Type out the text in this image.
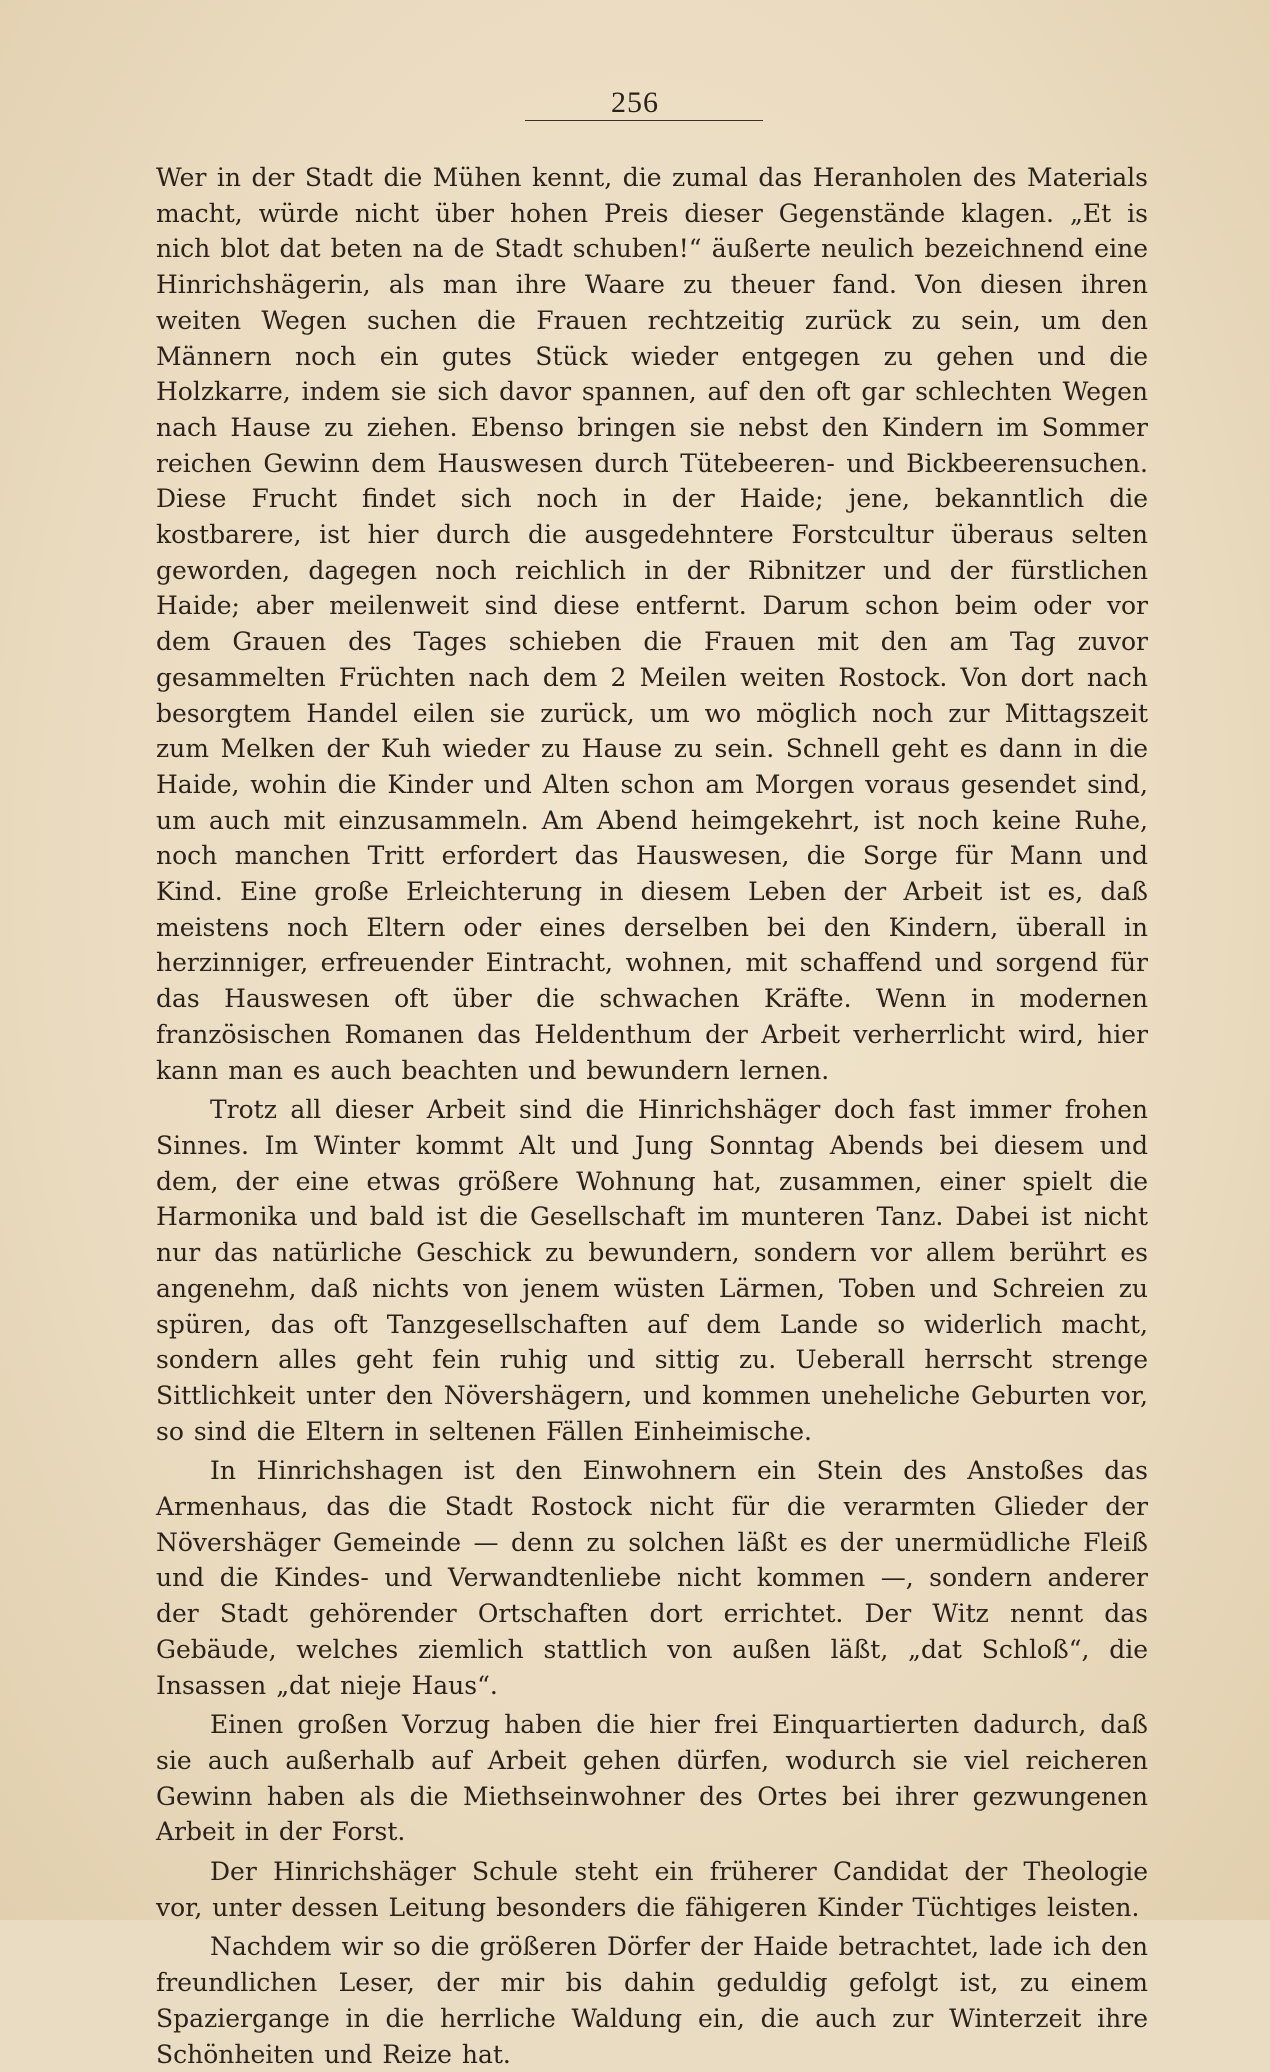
256

Wer in der Stadt die Mühen kennt, die zumal das Heranholen des Materials macht, würde nicht über hohen Preis dieser Gegenstände klagen. „Et is nich blot dat beten na de Stadt schuben!“ äußerte neulich bezeichnend eine Hinrichshägerin, als man ihre Waare zu theuer fand. Von diesen ihren weiten Wegen suchen die Frauen rechtzeitig zurück zu sein, um den Männern noch ein gutes Stück wieder entgegen zu gehen und die Holzkarre, indem sie sich davor spannen, auf den oft gar schlechten Wegen nach Hause zu ziehen. Ebenso bringen sie nebst den Kindern im Sommer reichen Gewinn dem Hauswesen durch Tütebeeren- und Bickbeerensuchen. Diese Frucht findet sich noch in der Haide; jene, bekanntlich die kostbarere, ist hier durch die ausgedehntere Forstcultur überaus selten geworden, dagegen noch reichlich in der Ribnitzer und der fürstlichen Haide; aber meilenweit sind diese entfernt. Darum schon beim oder vor dem Grauen des Tages schieben die Frauen mit den am Tag zuvor gesammelten Früchten nach dem 2 Meilen weiten Rostock. Von dort nach besorgtem Handel eilen sie zurück, um wo möglich noch zur Mittagszeit zum Melken der Kuh wieder zu Hause zu sein. Schnell geht es dann in die Haide, wohin die Kinder und Alten schon am Morgen voraus gesendet sind, um auch mit einzusammeln. Am Abend heimgekehrt, ist noch keine Ruhe, noch manchen Tritt erfordert das Hauswesen, die Sorge für Mann und Kind. Eine große Erleichterung in diesem Leben der Arbeit ist es, daß meistens noch Eltern oder eines derselben bei den Kindern, überall in herzinniger, erfreuender Eintracht, wohnen, mit schaffend und sorgend für das Hauswesen oft über die schwachen Kräfte. Wenn in modernen französischen Romanen das Heldenthum der Arbeit verherrlicht wird, hier kann man es auch beachten und bewundern lernen.

Trotz all dieser Arbeit sind die Hinrichshäger doch fast immer frohen Sinnes. Im Winter kommt Alt und Jung Sonntag Abends bei diesem und dem, der eine etwas größere Wohnung hat, zusammen, einer spielt die Harmonika und bald ist die Gesellschaft im munteren Tanz. Dabei ist nicht nur das natürliche Geschick zu bewundern, sondern vor allem berührt es angenehm, daß nichts von jenem wüsten Lärmen, Toben und Schreien zu spüren, das oft Tanzgesellschaften auf dem Lande so widerlich macht, sondern alles geht fein ruhig und sittig zu. Ueberall herrscht strenge Sittlichkeit unter den Növershägern, und kommen uneheliche Geburten vor, so sind die Eltern in seltenen Fällen Einheimische.

In Hinrichshagen ist den Einwohnern ein Stein des Anstoßes das Armenhaus, das die Stadt Rostock nicht für die verarmten Glieder der Növershäger Gemeinde — denn zu solchen läßt es der unermüdliche Fleiß und die Kindes- und Verwandtenliebe nicht kommen —, sondern anderer der Stadt gehörender Ortschaften dort errichtet. Der Witz nennt das Gebäude, welches ziemlich stattlich von außen läßt, „dat Schloß“, die Insassen „dat nieje Haus“.

Einen großen Vorzug haben die hier frei Einquartierten dadurch, daß sie auch außerhalb auf Arbeit gehen dürfen, wodurch sie viel reicheren Gewinn haben als die Miethseinwohner des Ortes bei ihrer gezwungenen Arbeit in der Forst.

Der Hinrichshäger Schule steht ein früherer Candidat der Theologie vor, unter dessen Leitung besonders die fähigeren Kinder Tüchtiges leisten.

Nachdem wir so die größeren Dörfer der Haide betrachtet, lade ich den freundlichen Leser, der mir bis dahin geduldig gefolgt ist, zu einem Spaziergange in die herrliche Waldung ein, die auch zur Winterzeit ihre Schönheiten und Reize hat.
